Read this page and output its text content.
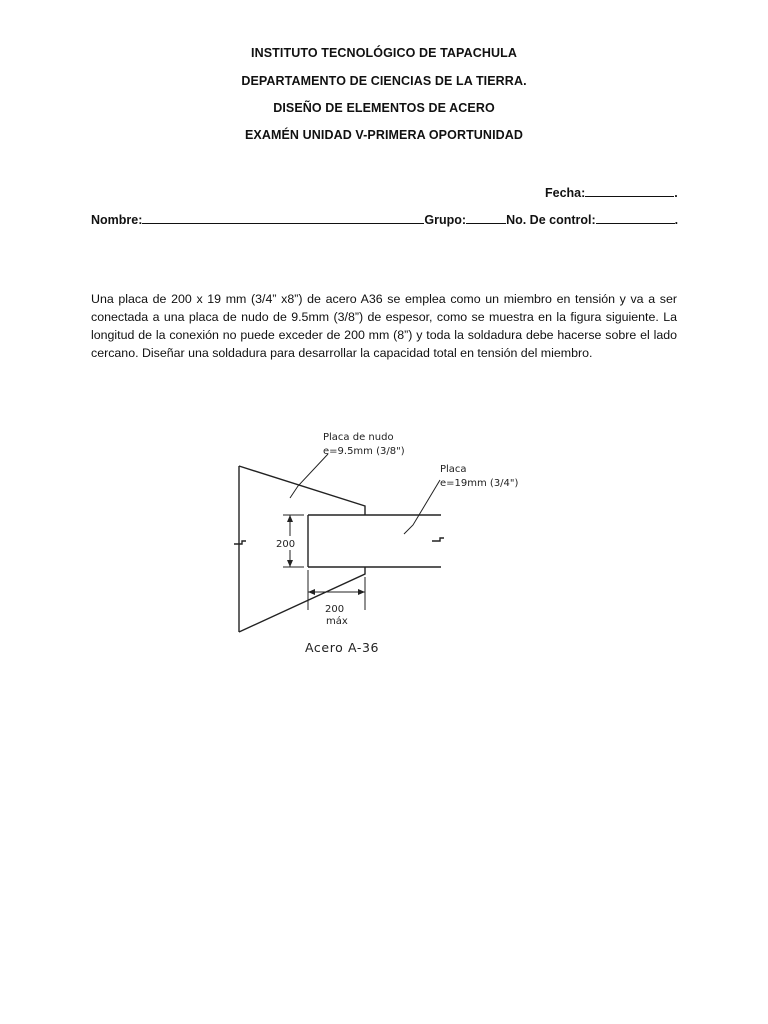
INSTITUTO TECNOLÓGICO DE TAPACHULA
DEPARTAMENTO DE CIENCIAS DE LA TIERRA.
DISEÑO DE ELEMENTOS DE ACERO
EXAMÉN UNIDAD V-PRIMERA OPORTUNIDAD
Fecha:	.
Nombre:	Grupo:	No. De control:	.
Una placa de 200 x 19 mm (3/4” x8”) de acero A36 se emplea como un miembro en tensión y va a ser conectada a una placa de nudo de 9.5mm (3/8”) de espesor, como se muestra en la figura siguiente. La longitud de la conexión no puede exceder de 200 mm (8”) y toda la soldadura debe hacerse sobre el lado cercano. Diseñar una soldadura para desarrollar la capacidad total en tensión del miembro.
Placa de nudo
e=9.5mm (3/8")
Placa
e=19mm (3/4")
200
200
máx
Acero A-36
